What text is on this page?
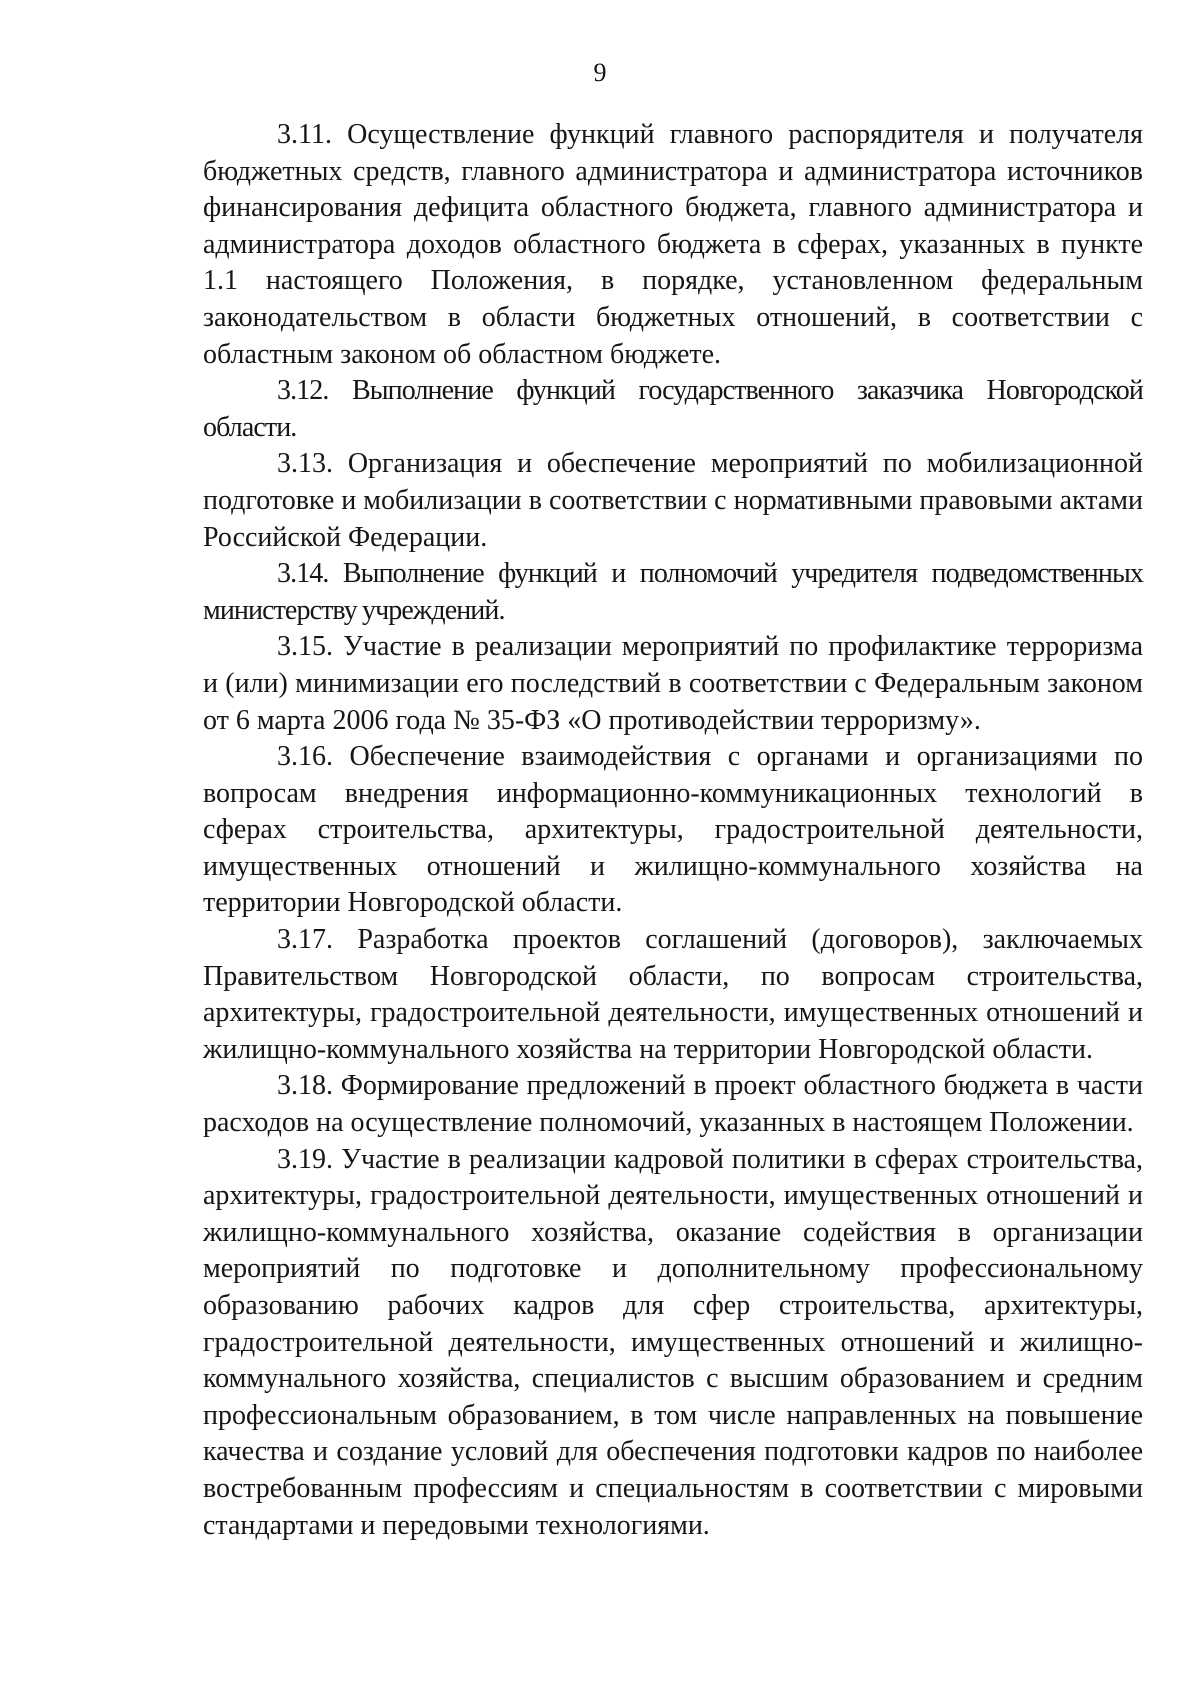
9

3.11. Осуществление функций главного распорядителя и получателя бюджетных средств, главного администратора и администратора источников финансирования дефицита областного бюджета, главного администратора и администратора доходов областного бюджета в сферах, указанных в пункте 1.1 настоящего Положения, в порядке, установленном федеральным законодательством в области бюджетных отношений, в соответствии с областным законом об областном бюджете.

3.12. Выполнение функций государственного заказчика Новгородской области.

3.13. Организация и обеспечение мероприятий по мобилизационной подготовке и мобилизации в соответствии с нормативными правовыми актами Российской Федерации.

3.14. Выполнение функций и полномочий учредителя подведомственных министерству учреждений.

3.15. Участие в реализации мероприятий по профилактике терроризма и (или) минимизации его последствий в соответствии с Федеральным законом от 6 марта 2006 года № 35-ФЗ «О противодействии терроризму».

3.16. Обеспечение взаимодействия с органами и организациями по вопросам внедрения информационно-коммуникационных технологий в сферах строительства, архитектуры, градостроительной деятельности, имущественных отношений и жилищно-коммунального хозяйства на территории Новгородской области.

3.17. Разработка проектов соглашений (договоров), заключаемых Правительством Новгородской области, по вопросам строительства, архитектуры, градостроительной деятельности, имущественных отношений и жилищно-коммунального хозяйства на территории Новгородской области.

3.18. Формирование предложений в проект областного бюджета в части расходов на осуществление полномочий, указанных в настоящем Положении.

3.19. Участие в реализации кадровой политики в сферах строительства, архитектуры, градостроительной деятельности, имущественных отношений и жилищно-коммунального хозяйства, оказание содействия в организации мероприятий по подготовке и дополнительному профессиональному образованию рабочих кадров для сфер строительства, архитектуры, градостроительной деятельности, имущественных отношений и жилищно-коммунального хозяйства, специалистов с высшим образованием и средним профессиональным образованием, в том числе направленных на повышение качества и создание условий для обеспечения подготовки кадров по наиболее востребованным профессиям и специальностям в соответствии с мировыми стандартами и передовыми технологиями.
